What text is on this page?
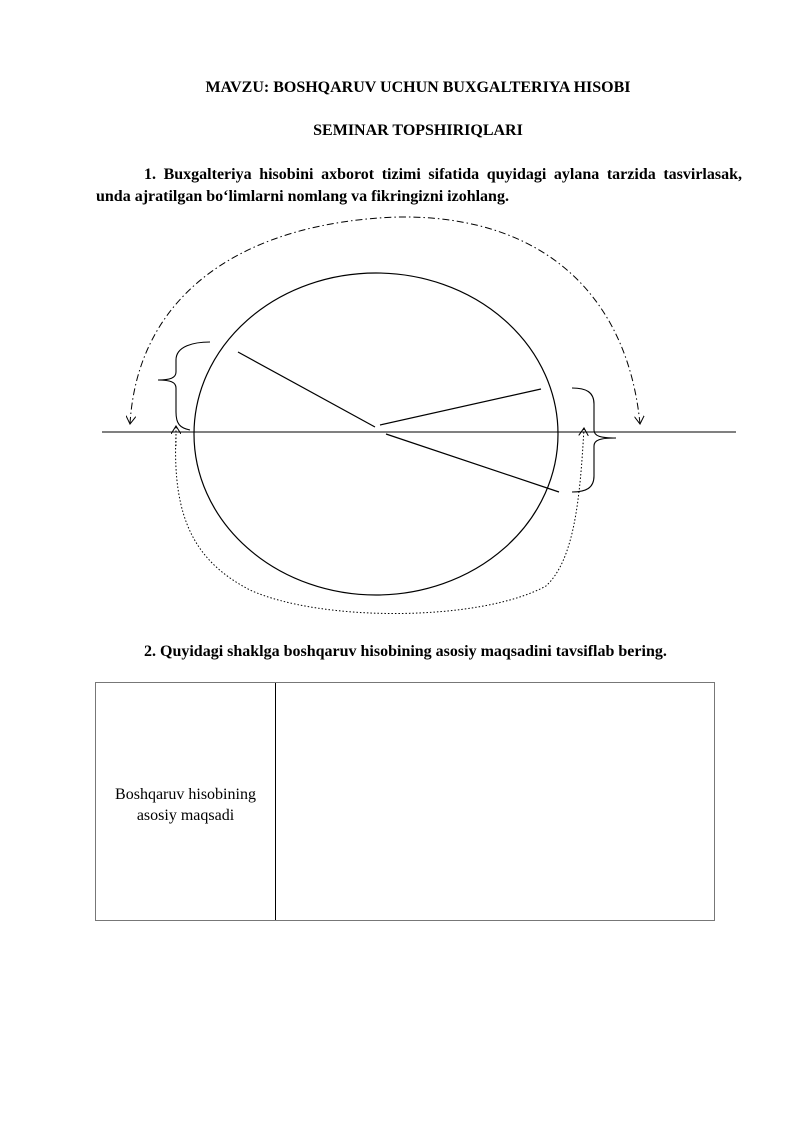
MAVZU: BOSHQARUV UCHUN BUXGALTERIYA HISOBI
SEMINAR TOPSHIRIQLARI
1. Buxgalteriya hisobini axborot tizimi sifatida quyidagi aylana tarzida tasvirlasak, unda ajratilgan bo‘limlarni nomlang va fikringizni izohlang.
2. Quyidagi shaklga boshqaruv hisobining asosiy maqsadini tavsiflab bering.
Boshqaruv hisobining asosiy maqsadi
